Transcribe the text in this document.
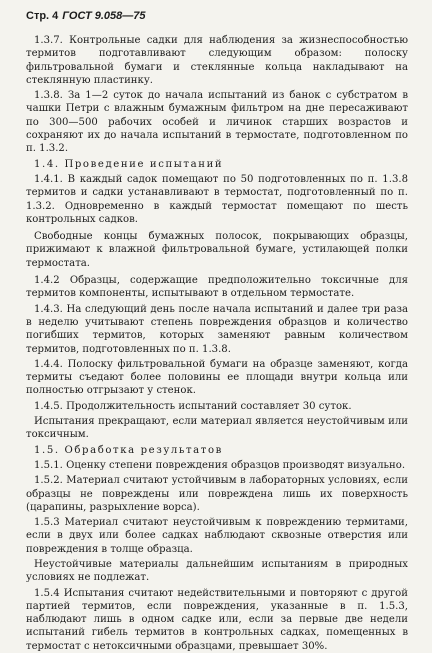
Стр. 4 ГОСТ 9.058—75

1.3.7. Контрольные садки для наблюдения за жизнеспособностью термитов подготавливают следующим образом: полоску фильтровальной бумаги и стеклянные кольца накладывают на стеклянную пластинку.

1.3.8. За 1—2 суток до начала испытаний из банок с субстратом в чашки Петри с влажным бумажным фильтром на дне пересаживают по 300—500 рабочих особей и личинок старших возрастов и сохраняют их до начала испытаний в термостате, подготовленном по п. 1.3.2.

1.4. Проведение испытаний

1.4.1. В каждый садок помещают по 50 подготовленных по п. 1.3.8 термитов и садки устанавливают в термостат, подготовленный по п. 1.3.2. Одновременно в каждый термостат помещают по шесть контрольных садков.

Свободные концы бумажных полосок, покрывающих образцы, прижимают к влажной фильтровальной бумаге, устилающей полки термостата.

1.4.2 Образцы, содержащие предположительно токсичные для термитов компоненты, испытывают в отдельном термостате.

1.4.3. На следующий день после начала испытаний и далее три раза в неделю учитывают степень повреждения образцов и количество погибших термитов, которых заменяют равным количеством термитов, подготовленных по п. 1.3.8.

1.4.4. Полоску фильтровальной бумаги на образце заменяют, когда термиты съедают более половины ее площади внутри кольца или полностью отгрызают у стенок.

1.4.5. Продолжительность испытаний составляет 30 суток.

Испытания прекращают, если материал является неустойчивым или токсичным.

1.5. Обработка результатов

1.5.1. Оценку степени повреждения образцов производят визуально.

1.5.2. Материал считают устойчивым в лабораторных условиях, если образцы не повреждены или повреждена лишь их поверхность (царапины, разрыхление ворса).

1.5.3 Материал считают неустойчивым к повреждению термитами, если в двух или более садках наблюдают сквозные отверстия или повреждения в толще образца.

Неустойчивые материалы дальнейшим испытаниям в природных условиях не подлежат.

1.5.4 Испытания считают недействительными и повторяют с другой партией термитов, если повреждения, указанные в п. 1.5.3, наблюдают лишь в одном садке или, если за первые две недели испытаний гибель термитов в контрольных садках, помещенных в термостат с нетоксичными образцами, превышает 30%.
